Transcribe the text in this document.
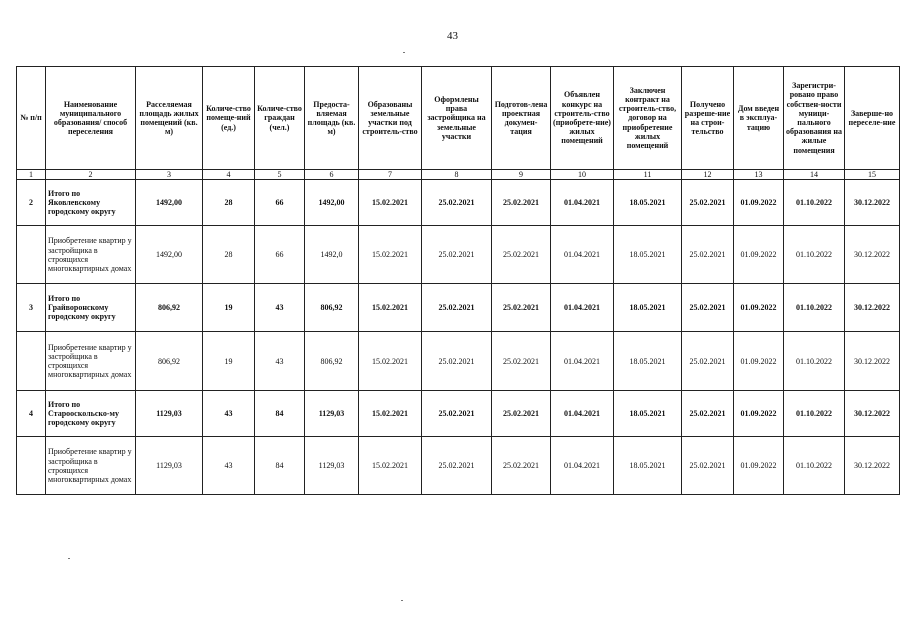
43
№ п/п	Наименование муниципального образования/ способ переселения	Расселяемая площадь жилых помещений (кв. м)	Количе-ство помеще-ний (ед.)	Количе-ство граждан (чел.)	Предоста-вляемая площадь (кв. м)	Образованы земельные участки под строитель-ство	Оформлены права застройщика на земельные участки	Подготов-лена проектная докумен-тация	Объявлен конкурс на строитель-ство (приобрете-ние) жилых помещений	Заключен контракт на строитель-ство, договор на приобретение жилых помещений	Получено разреше-ние на строи-тельство	Дом введен в эксплуа-тацию	Зарегистри-ровано право собствен-ности муници-пального образования на жилые помещения	Заверше-но переселе-ние
1	2	3	4	5	6	7	8	9	10	11	12	13	14	15
2	Итого по Яковлевскому городскому округу	1492,00	28	66	1492,00	15.02.2021	25.02.2021	25.02.2021	01.04.2021	18.05.2021	25.02.2021	01.09.2022	01.10.2022	30.12.2022
	Приобретение квартир у застройщика в строящихся многоквартирных домах	1492,00	28	66	1492,0	15.02.2021	25.02.2021	25.02.2021	01.04.2021	18.05.2021	25.02.2021	01.09.2022	01.10.2022	30.12.2022
3	Итого по Грайворонскому городскому округу	806,92	19	43	806,92	15.02.2021	25.02.2021	25.02.2021	01.04.2021	18.05.2021	25.02.2021	01.09.2022	01.10.2022	30.12.2022
	Приобретение квартир у застройщика в строящихся многоквартирных домах	806,92	19	43	806,92	15.02.2021	25.02.2021	25.02.2021	01.04.2021	18.05.2021	25.02.2021	01.09.2022	01.10.2022	30.12.2022
4	Итого по Старооскольско-му городскому округу	1129,03	43	84	1129,03	15.02.2021	25.02.2021	25.02.2021	01.04.2021	18.05.2021	25.02.2021	01.09.2022	01.10.2022	30.12.2022
	Приобретение квартир у застройщика в строящихся многоквартирных домах	1129,03	43	84	1129,03	15.02.2021	25.02.2021	25.02.2021	01.04.2021	18.05.2021	25.02.2021	01.09.2022	01.10.2022	30.12.2022
